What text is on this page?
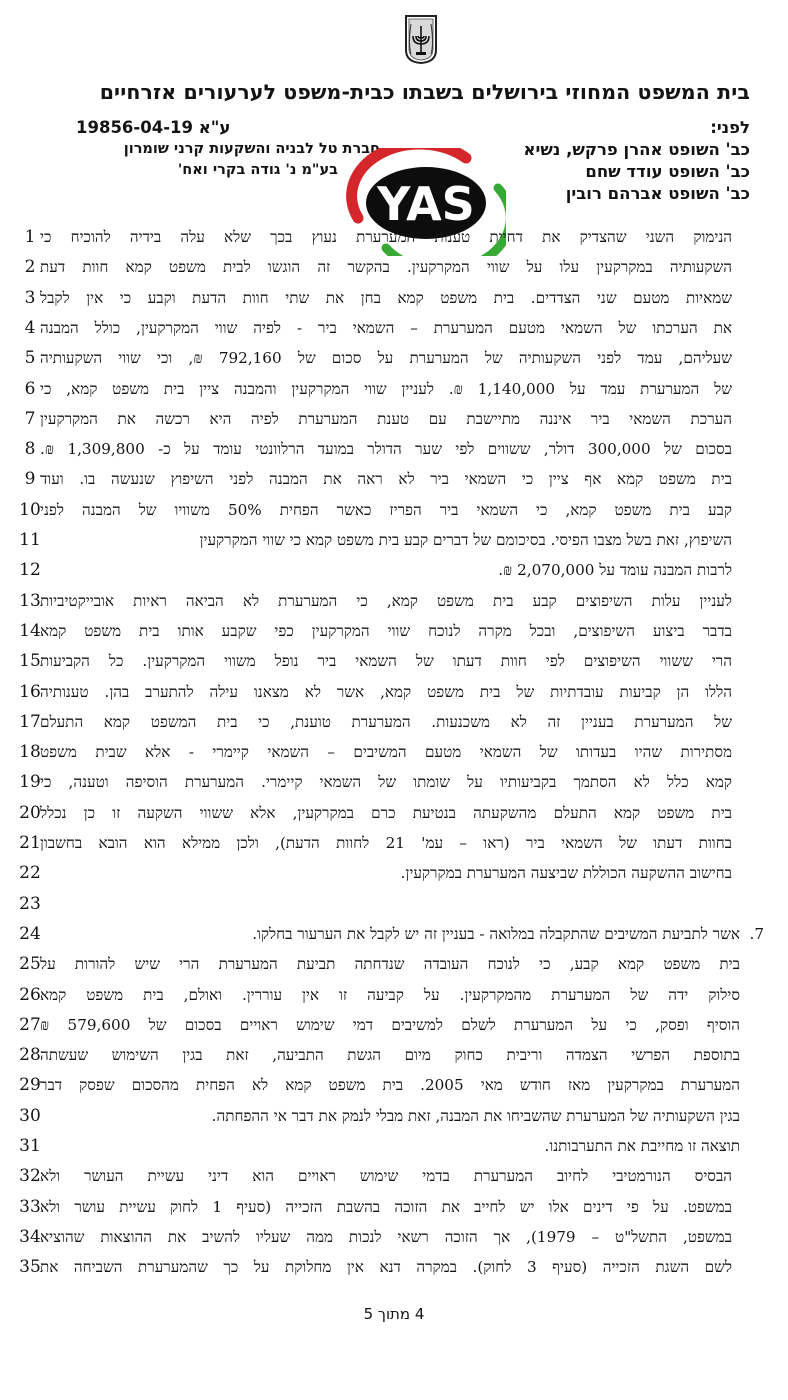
בית המשפט המחוזי בירושלים בשבתו כבית-משפט לערעורים אזרחיים
לפני:
ע"א 19856-04-19
כב' השופט אהרן פרקש, נשיא
כב' השופט עודד שחם
כב' השופט אברהם רובין
חברת טל לבניה והשקעות קרני שומרון
בע"מ נ' גודה בקרי ואח'
YAS
1 הנימוק השני שהצדיק את דחיית טענות המערערת נעוץ בכך שלא עלה בידיה להוכיח כי
2 השקעותיה במקרקעין עלו על שווי המקרקעין. בהקשר זה הוגשו לבית משפט קמא חוות דעת
3 שמאיות מטעם שני הצדדים. בית משפט קמא בחן את שתי חוות הדעת וקבע כי אין לקבל
4 את הערכתו של השמאי מטעם המערערת – השמאי ביר - לפיה שווי המקרקעין, כולל המבנה
5 שעליהם, עמד לפני השקעותיה של המערערת על סכום של 792,160 ₪, וכי שווי השקעותיה
6 של המערערת עמד על 1,140,000 ₪. לעניין שווי המקרקעין והמבנה ציין בית משפט קמא, כי
7 הערכת השמאי ביר איננה מתיישבת עם טענת המערערת לפיה היא רכשה את המקרקעין
8 בסכום של 300,000 דולר, ששווים לפי שער הדולר במועד הרלוונטי עומד על כ- 1,309,800 ₪.
9 בית משפט קמא אף ציין כי השמאי ביר לא ראה את המבנה לפני השיפוץ שנעשה בו. ועוד
10 קבע בית משפט קמא, כי השמאי ביר הפריז כאשר הפחית 50% משוויו של המבנה לפני
11	השיפוץ, זאת בשל מצבו הפיסי. בסיכומם של דברים קבע בית משפט קמא כי שווי המקרקעין
12	לרבות המבנה עומד על 2,070,000 ₪.
13 לעניין עלות השיפוצים קבע בית משפט קמא, כי המערערת לא הביאה ראיות אובייקטיביות
14 בדבר ביצוע השיפוצים, ובכל מקרה לנוכח שווי המקרקעין כפי שקבע אותו בית משפט קמא
15 הרי ששווי השיפוצים לפי חוות דעתו של השמאי ביר נופל משווי המקרקעין. כל הקביעות
16 הללו הן קביעות עובדתיות של בית משפט קמא, אשר לא מצאנו עילה להתערב בהן. טענותיה
17 של המערערת בעניין זה לא משכנעות. המערערת טוענת, כי בית המשפט קמא התעלם
18 מסתירות שהיו בעדותו של השמאי מטעם המשיבים – השמאי קיימרי - אלא שבית משפט
19 קמא כלל לא הסתמך בקביעותיו על שומתו של השמאי קיימרי. המערערת הוסיפה וטענה, כי
20 בית משפט קמא התעלם מהשקעתה בנטיעת כרם במקרקעין, אלא ששווי השקעה זו כן נכלל
21 בחוות דעתו של השמאי ביר (ראו – עמ' 21 לחוות הדעת), ולכן ממילא הוא הובא בחשבון
22	בחישוב ההשקעה הכוללת שביצעה המערערת במקרקעין.
23
24	אשר לתביעת המשיבים שהתקבלה במלואה - בעניין זה יש לקבל את הערעור בחלקו. 7.
25 בית משפט קמא קבע, כי לנוכח העובדה שנדחתה תביעת המערערת הרי שיש להורות על
26 סילוק ידה של המערערת מהמקרקעין. על קביעה זו אין עוררין. ואולם, בית משפט קמא
27 הוסיף ופסק, כי על המערערת לשלם למשיבים דמי שימוש ראויים בסכום של 579,600 ₪
28 בתוספת הפרשי הצמדה וריבית כחוק מיום הגשת התביעה, זאת בגין השימוש שעשתה
29 המערערת במקרקעין מאז חודש מאי 2005. בית משפט קמא לא הפחית מהסכום שפסק דבר
30	בגין השקעותיה של המערערת שהשביחו את המבנה, זאת מבלי לנמק את דבר אי ההפחתה.
31	תוצאה זו מחייבת את התערבותנו.
32 הבסיס הנורמטיבי לחיוב המערערת בדמי שימוש ראויים הוא דיני עשיית העושר ולא
33 במשפט. על פי דינים אלו יש לחייב את הזוכה בהשבת הזכייה (סעיף 1 לחוק עשיית עושר ולא
34 במשפט, התשל"ט – 1979), אך הזוכה רשאי לנכות ממה שעליו להשיב את ההוצאות שהוציא
35 לשם השגת הזכייה (סעיף 3 לחוק). במקרה דנא אין מחלוקת על כך שהמערערת השביחה את
4 מתוך 5
